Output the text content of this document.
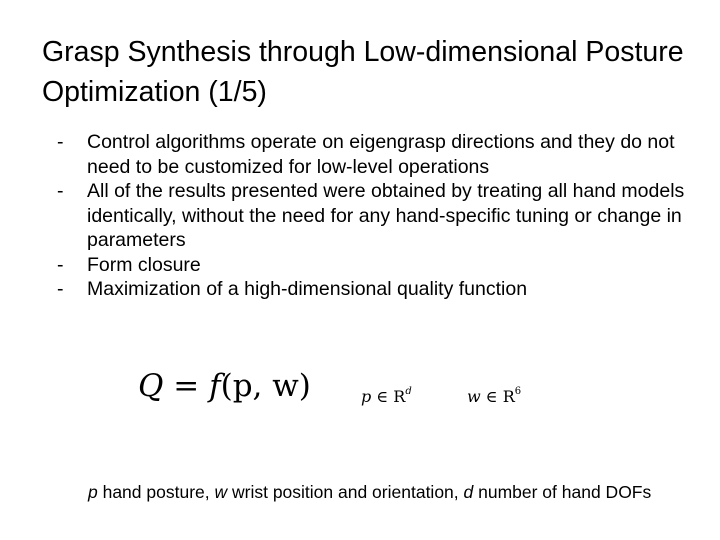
Grasp Synthesis through Low-dimensional Posture Optimization (1/5)
- Control algorithms operate on eigengrasp directions and they do not need to be customized for low-level operations
- All of the results presented were obtained by treating all hand models identically, without the need for any hand-specific tuning or change in parameters
- Form closure
- Maximization of a high-dimensional quality function
Q = f(p, w)	p ∈ $R^d$	w ∈ $R^6$
p hand posture, w wrist position and orientation, d number of hand DOFs
